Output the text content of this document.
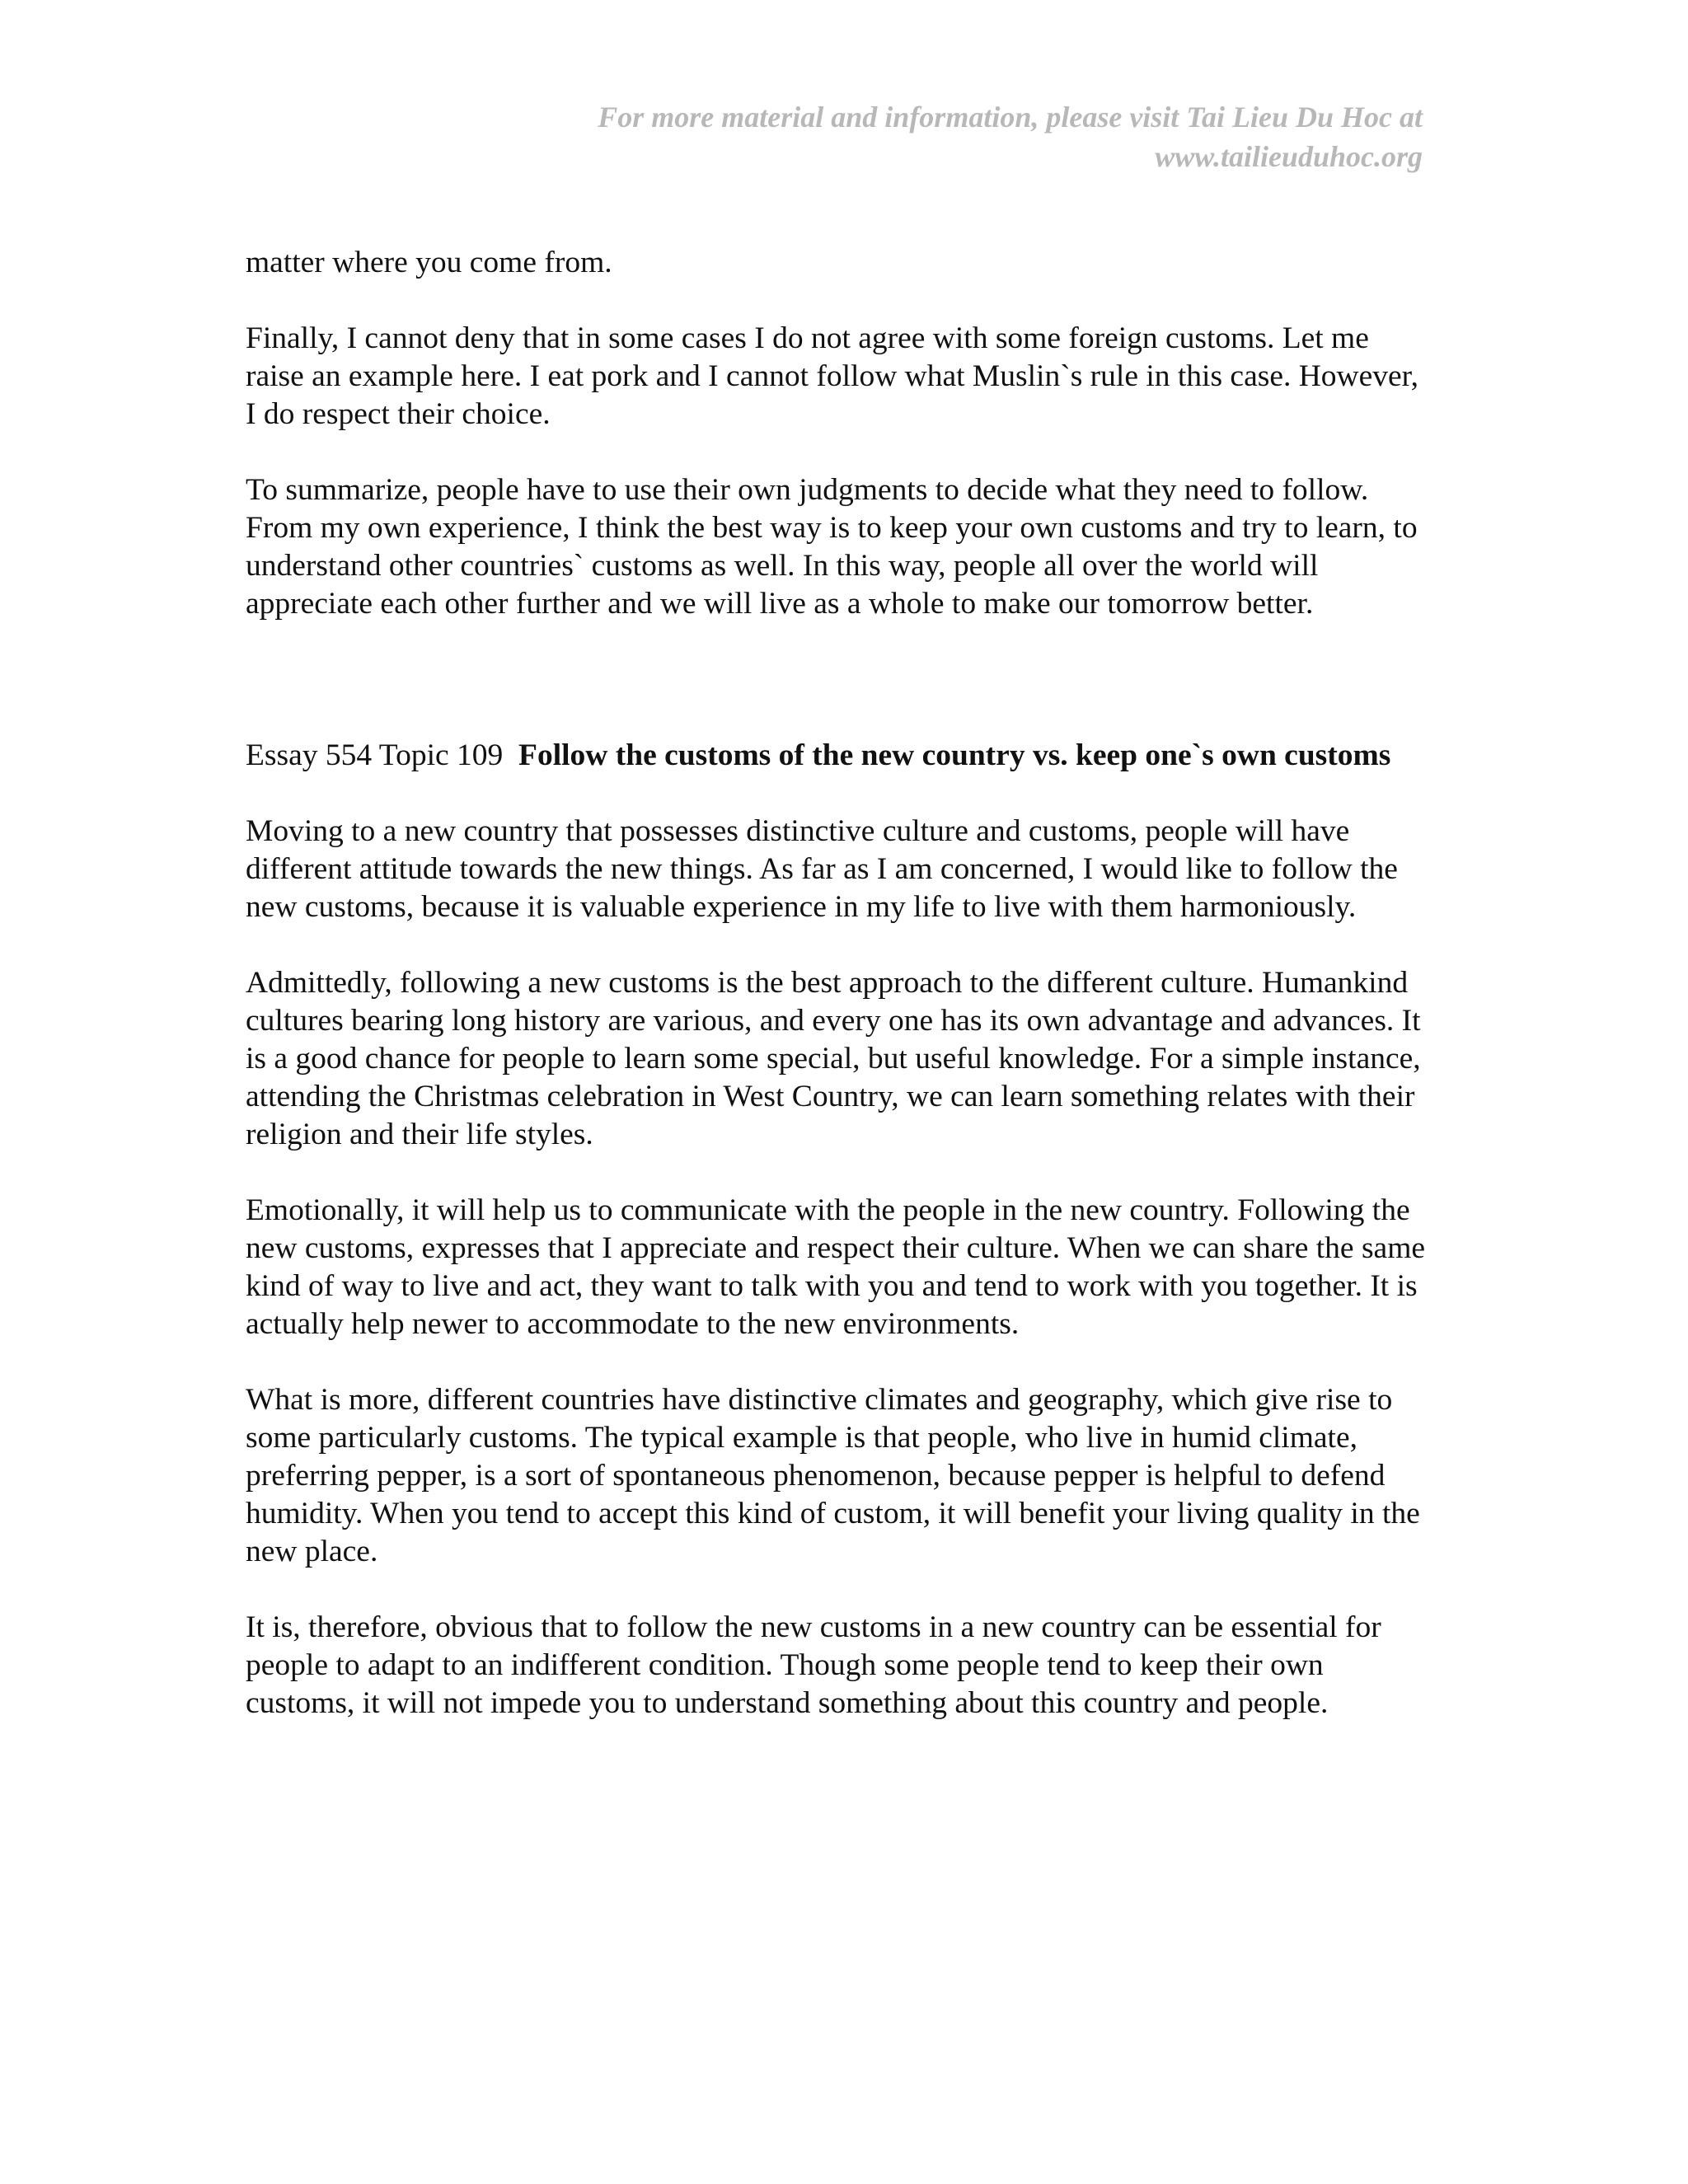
For more material and information, please visit Tai Lieu Du Hoc at
www.tailieuduhoc.org

matter where you come from.

Finally, I cannot deny that in some cases I do not agree with some foreign customs. Let me raise an example here. I eat pork and I cannot follow what Muslin`s rule in this case. However, I do respect their choice.

To summarize, people have to use their own judgments to decide what they need to follow. From my own experience, I think the best way is to keep your own customs and try to learn, to understand other countries` customs as well. In this way, people all over the world will appreciate each other further and we will live as a whole to make our tomorrow better.

Essay 554 Topic 109 Follow the customs of the new country vs. keep one`s own customs

Moving to a new country that possesses distinctive culture and customs, people will have different attitude towards the new things. As far as I am concerned, I would like to follow the new customs, because it is valuable experience in my life to live with them harmoniously.

Admittedly, following a new customs is the best approach to the different culture. Humankind cultures bearing long history are various, and every one has its own advantage and advances. It is a good chance for people to learn some special, but useful knowledge. For a simple instance, attending the Christmas celebration in West Country, we can learn something relates with their religion and their life styles.

Emotionally, it will help us to communicate with the people in the new country. Following the new customs, expresses that I appreciate and respect their culture. When we can share the same kind of way to live and act, they want to talk with you and tend to work with you together. It is actually help newer to accommodate to the new environments.

What is more, different countries have distinctive climates and geography, which give rise to some particularly customs. The typical example is that people, who live in humid climate, preferring pepper, is a sort of spontaneous phenomenon, because pepper is helpful to defend humidity. When you tend to accept this kind of custom, it will benefit your living quality in the new place.

It is, therefore, obvious that to follow the new customs in a new country can be essential for people to adapt to an indifferent condition. Though some people tend to keep their own customs, it will not impede you to understand something about this country and people.
